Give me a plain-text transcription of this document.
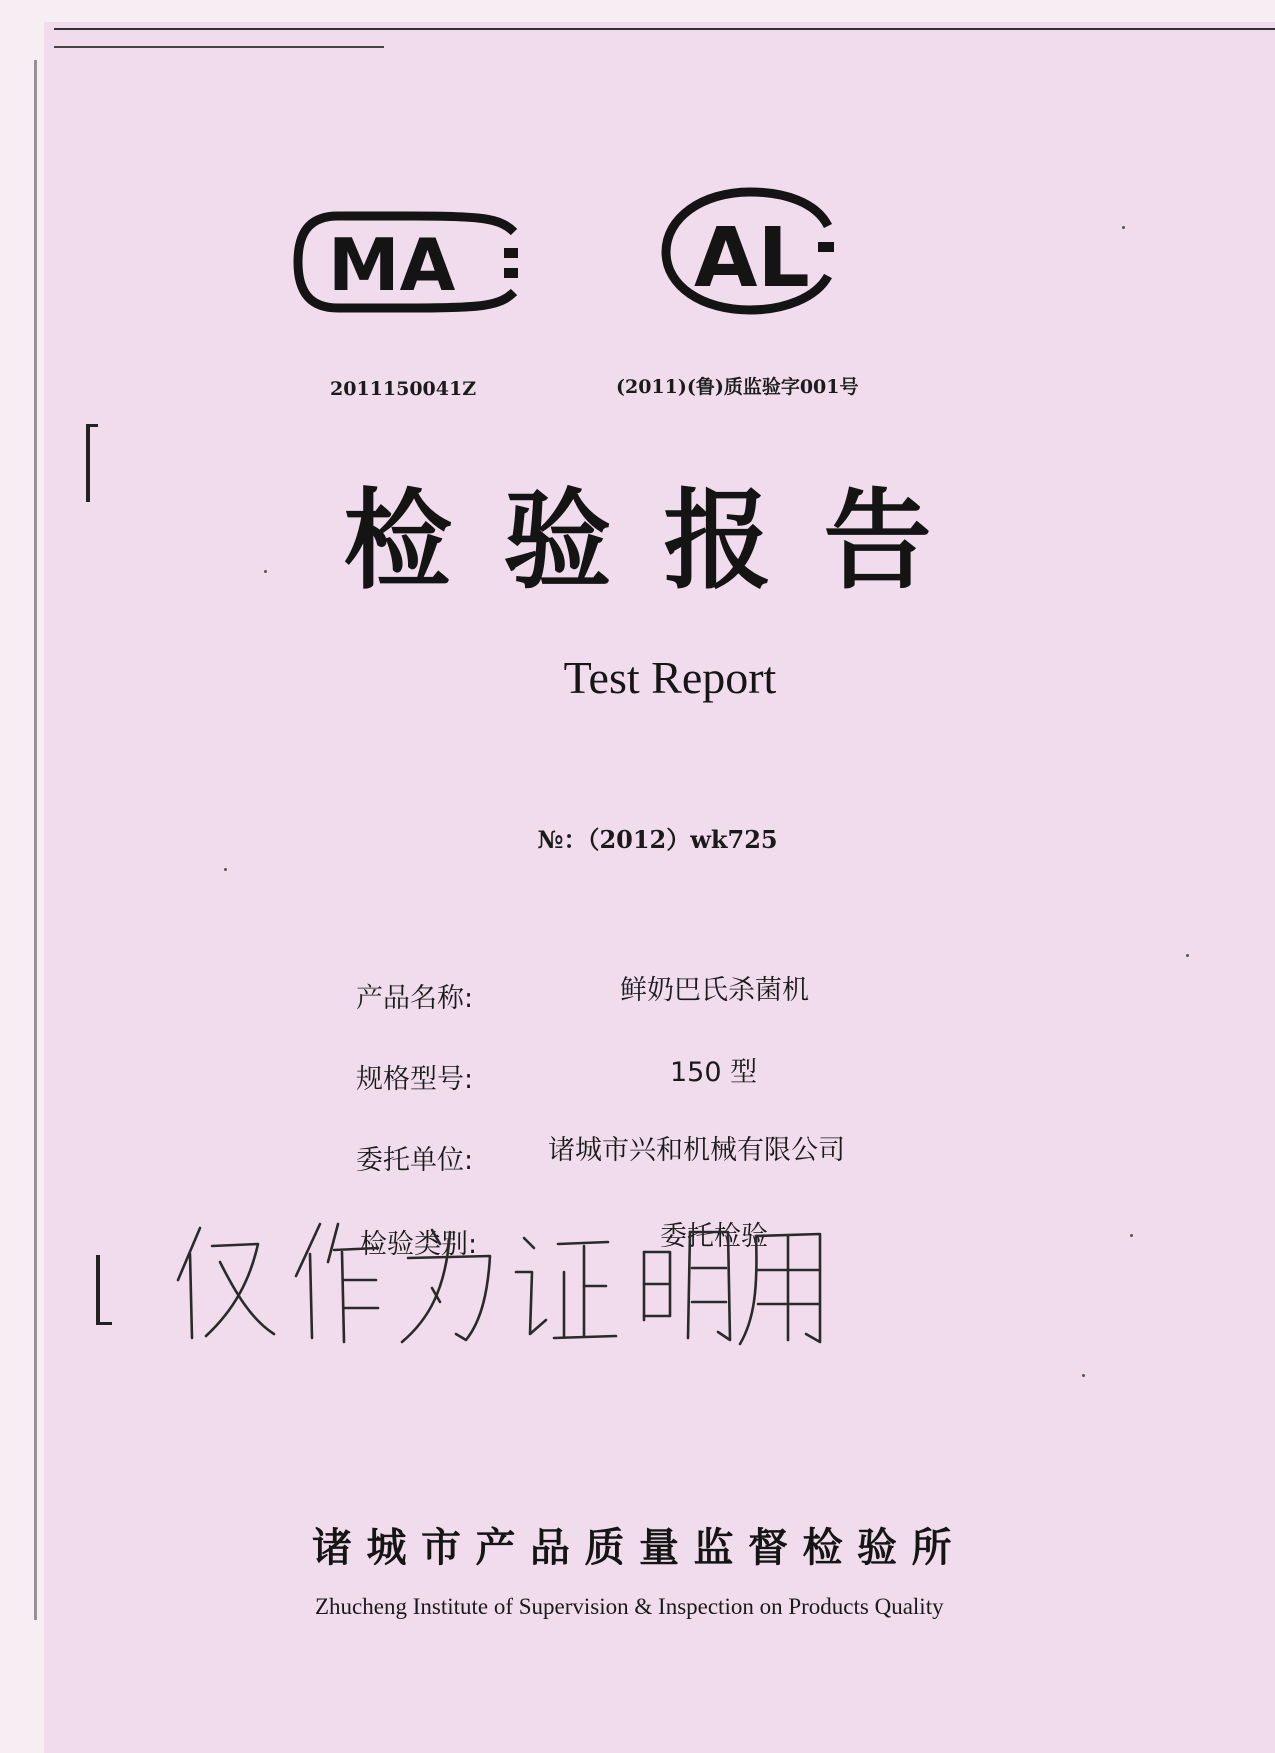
MA	AL
2011150041Z	(2011)(鲁)质监验字001号
检验报告
Test Report
№：（2012）wk725
产品名称:	鲜奶巴氏杀菌机
规格型号:	150 型
委托单位:	诸城市兴和机械有限公司
检验类别:	委托检验
诸城市产品质量监督检验所
Zhucheng Institute of Supervision & Inspection on Products Quality
